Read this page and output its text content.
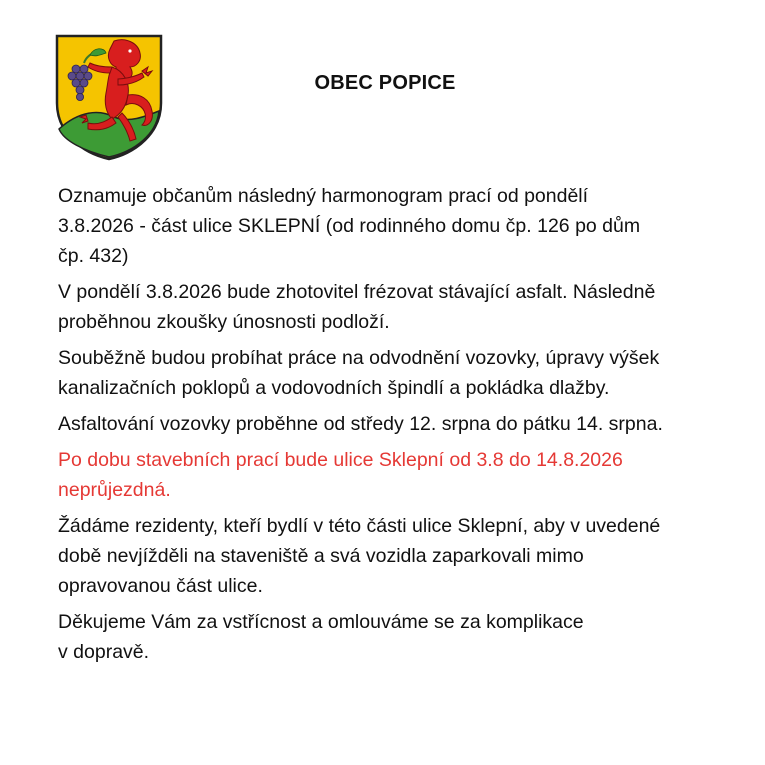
OBEC POPICE

Oznamuje občanům následný harmonogram prací od pondělí
3.8.2026 - část ulice SKLEPNÍ (od rodinného domu čp. 126 po dům
čp. 432)

V pondělí 3.8.2026 bude zhotovitel frézovat stávající asfalt. Následně
proběhnou zkoušky únosnosti podloží.

Souběžně budou probíhat práce na odvodnění vozovky, úpravy výšek
kanalizačních poklopů a vodovodních špindlí a pokládka dlažby.

Asfaltování vozovky proběhne od středy 12. srpna do pátku 14. srpna.

Po dobu stavebních prací bude ulice Sklepní od 3.8 do 14.8.2026
neprůjezdná.

Žádáme rezidenty, kteří bydlí v této části ulice Sklepní, aby v uvedené
době nevjížděli na staveniště a svá vozidla zaparkovali mimo
opravovanou část ulice.

Děkujeme Vám za vstřícnost a omlouváme se za komplikace
v dopravě.
